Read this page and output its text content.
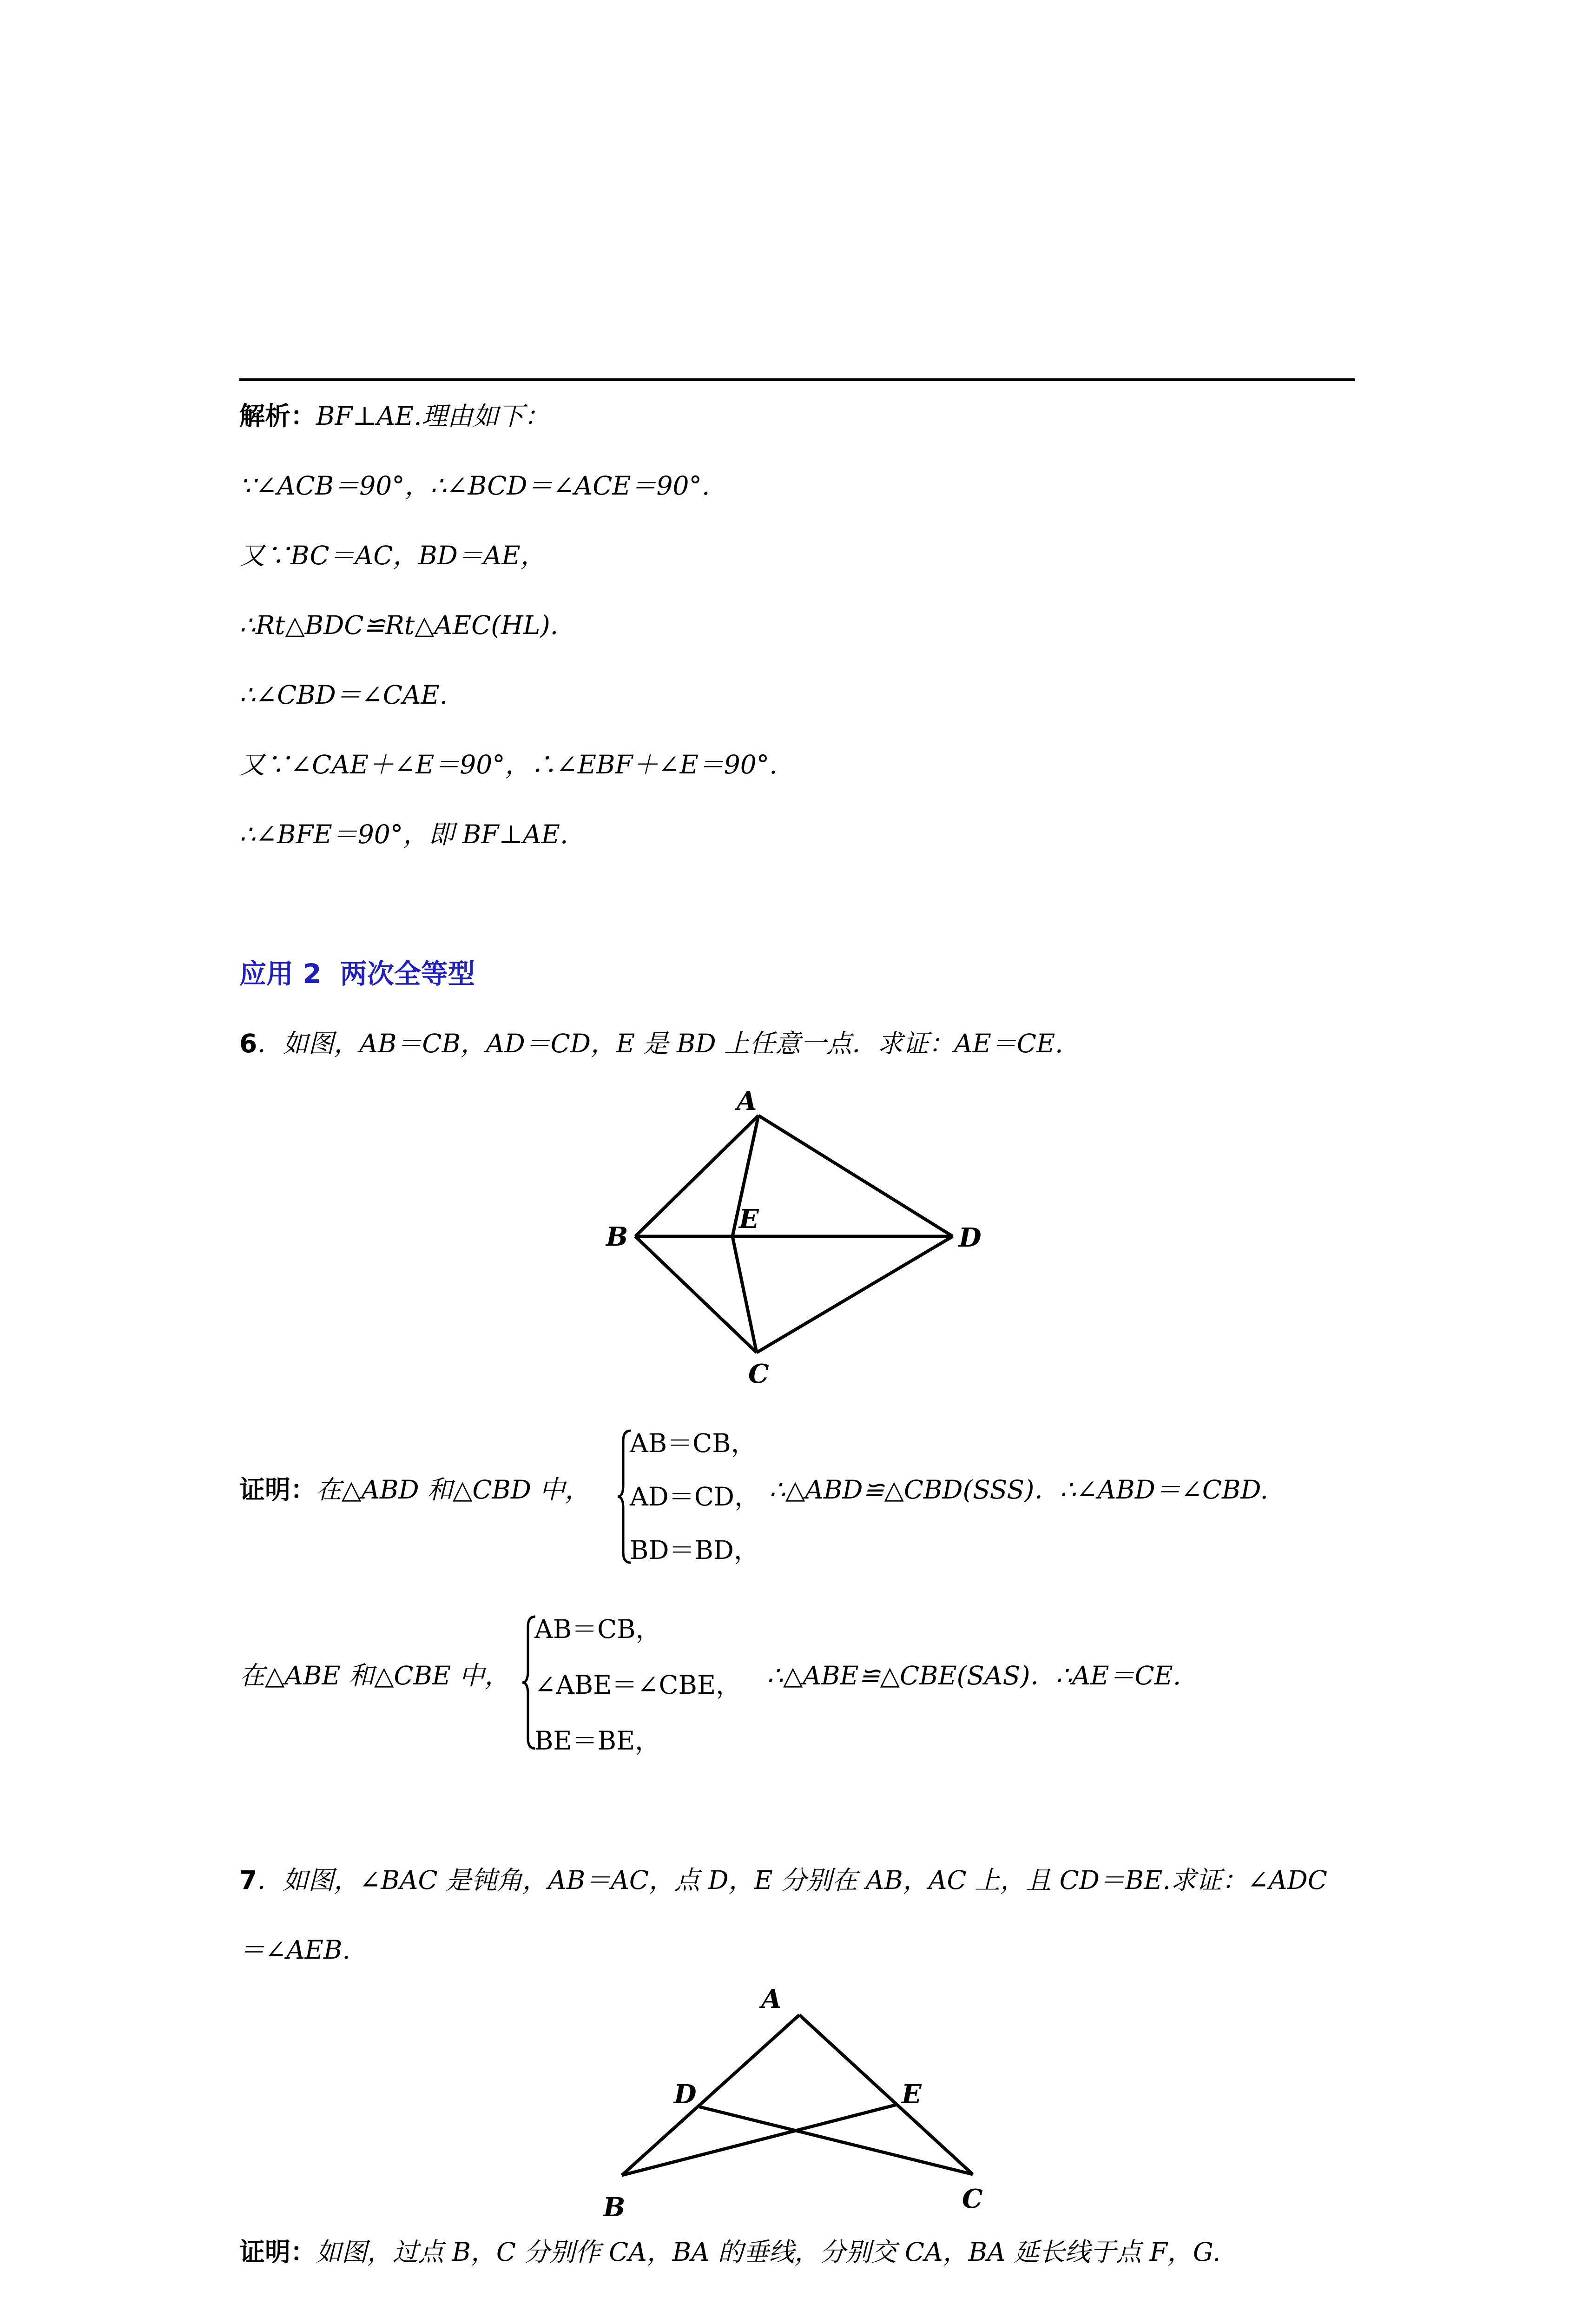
解析：BF⊥AE.理由如下：
∵∠ACB＝90°，∴∠BCD＝∠ACE＝90°.
又∵BC＝AC，BD＝AE，
∴Rt△BDC≌Rt△AEC(HL).
∴∠CBD＝∠CAE.
又∵∠CAE＋∠E＝90°，∴∠EBF＋∠E＝90°.
∴∠BFE＝90°，即 BF⊥AE.
应用 2 两次全等型
6．如图，AB＝CB，AD＝CD，E 是 BD 上任意一点．求证：AE＝CE.
A
B	D
E
C
证明：在△ABD 和△CBD 中，
AB＝CB，
AD＝CD，
BD＝BD，
∴△ABD≌△CBD(SSS)．∴∠ABD＝∠CBD.
在△ABE 和△CBE 中，
AB＝CB，
∠ABE＝∠CBE，
BE＝BE，
∴△ABE≌△CBE(SAS)．∴AE＝CE.
7．如图，∠BAC 是钝角，AB＝AC，点 D，E 分别在 AB，AC 上，且 CD＝BE.求证：∠ADC
＝∠AEB.
A
D	E
B	C
证明：如图，过点 B，C 分别作 CA，BA 的垂线，分别交 CA，BA 延长线于点 F，G.
